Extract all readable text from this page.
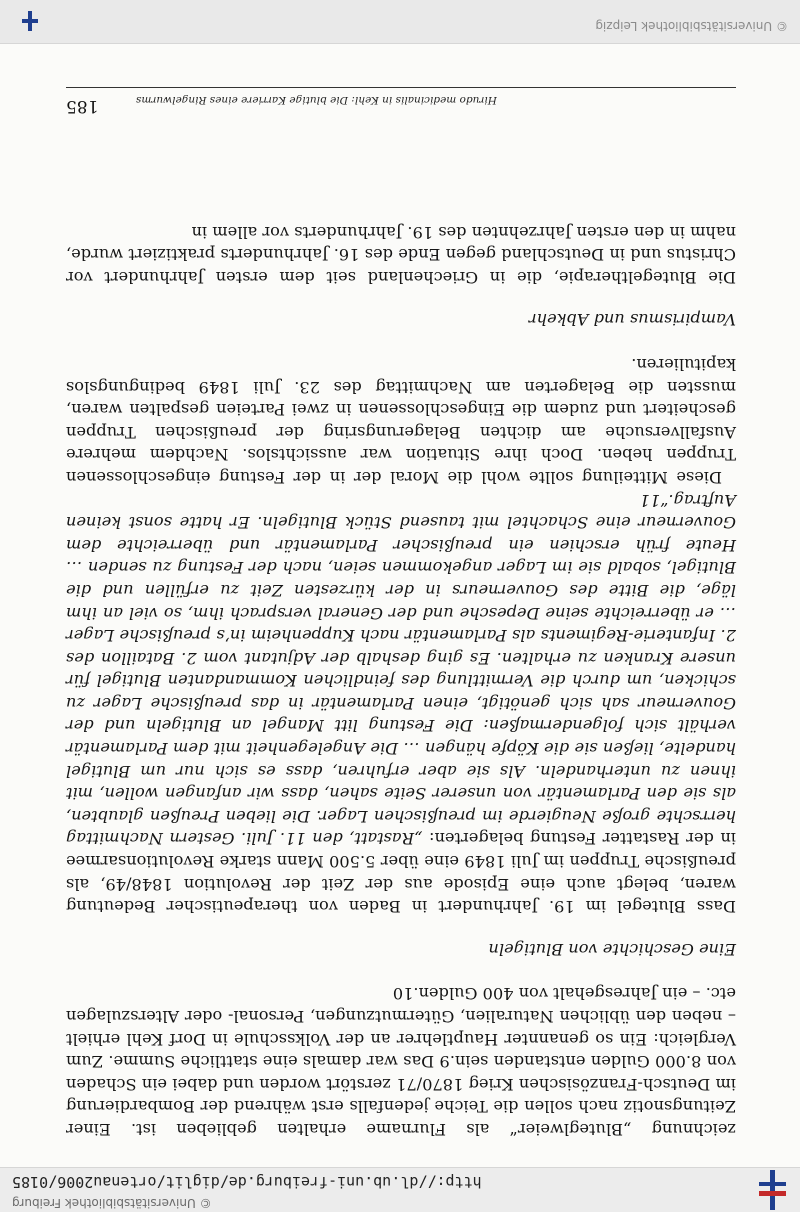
© Universitätsbibliothek Freiburg
http://dl.ub.uni-freiburg.de/diglit/ortenau2006/0185

zeichnung „Bluteglweier“ als Flurname erhalten geblieben ist. Einer Zeitungsnotiz nach sollen die Teiche jedenfalls erst während der Bombardierung im Deutsch-Französischen Krieg 1870/71 zerstört worden und dabei ein Schaden von 8.000 Gulden entstanden sein.9 Das war damals eine stattliche Summe. Zum Vergleich: Ein so genannter Hauptlehrer an der Volksschule in Dorf Kehl erhielt – neben den üblichen Naturalien, Gütermutzungen, Personal- oder Alterszulagen etc. – ein Jahresgehalt von 400 Gulden.10

Eine Geschichte von Blutigeln

Dass Blutegel im 19. Jahrhundert in Baden von therapeutischer Bedeutung waren, belegt auch eine Episode aus der Zeit der Revolution 1848/49, als preußische Truppen im Juli 1849 eine über 5.500 Mann starke Revolutionsarmee in der Rastatter Festung belagerten: „Rastatt, den 11. Juli. Gestern Nachmittag herrschte große Neugierde im preußischen Lager. Die lieben Preußen glaubten, als sie den Parlamentär von unserer Seite sahen, dass wir anfangen wollen, mit ihnen zu unterhandeln. Als sie aber erfuhren, dass es sich nur um Blutigel handelte, ließen sie die Köpfe hängen … Die Angelegenheit mit dem Parlamentär verhält sich folgendermaßen: Die Festung litt Mangel an Blutigeln und der Gouverneur sah sich genötigt, einen Parlamentär in das preußische Lager zu schicken, um durch die Vermittlung des feindlichen Kommandanten Blutigel für unsere Kranken zu erhalten. Es ging deshalb der Adjutant vom 2. Bataillon des 2. Infanterie-Regiments als Parlamentär nach Kuppenheim in’s preußische Lager … er überreichte seine Depesche und der General versprach ihm, so viel an ihm läge, die Bitte des Gouverneurs in der kürzesten Zeit zu erfüllen und die Blutigel, sobald sie im Lager angekommen seien, nach der Festung zu senden … Heute früh erschien ein preußischer Parlamentär und überreichte dem Gouverneur eine Schachtel mit tausend Stück Blutigeln. Er hatte sonst keinen Auftrag.“11

Diese Mitteilung sollte wohl die Moral der in der Festung eingeschlossenen Truppen heben. Doch ihre Situation war aussichtslos. Nachdem mehrere Ausfallversuche am dichten Belagerungsring der preußischen Truppen gescheitert und zudem die Eingeschlossenen in zwei Parteien gespalten waren, mussten die Belagerten am Nachmittag des 23. Juli 1849 bedingungslos kapitulieren.

Vampirismus und Abkehr

Die Blutegeltherapie, die in Griechenland seit dem ersten Jahrhundert vor Christus und in Deutschland gegen Ende des 16. Jahrhunderts praktiziert wurde, nahm in den ersten Jahrzehnten des 19. Jahrhunderts vor allem in

Hirudo medicinalis in Kehl: Die blutige Karriere eines Ringelwurms
185
© Universitätsbibliothek Leipzig
